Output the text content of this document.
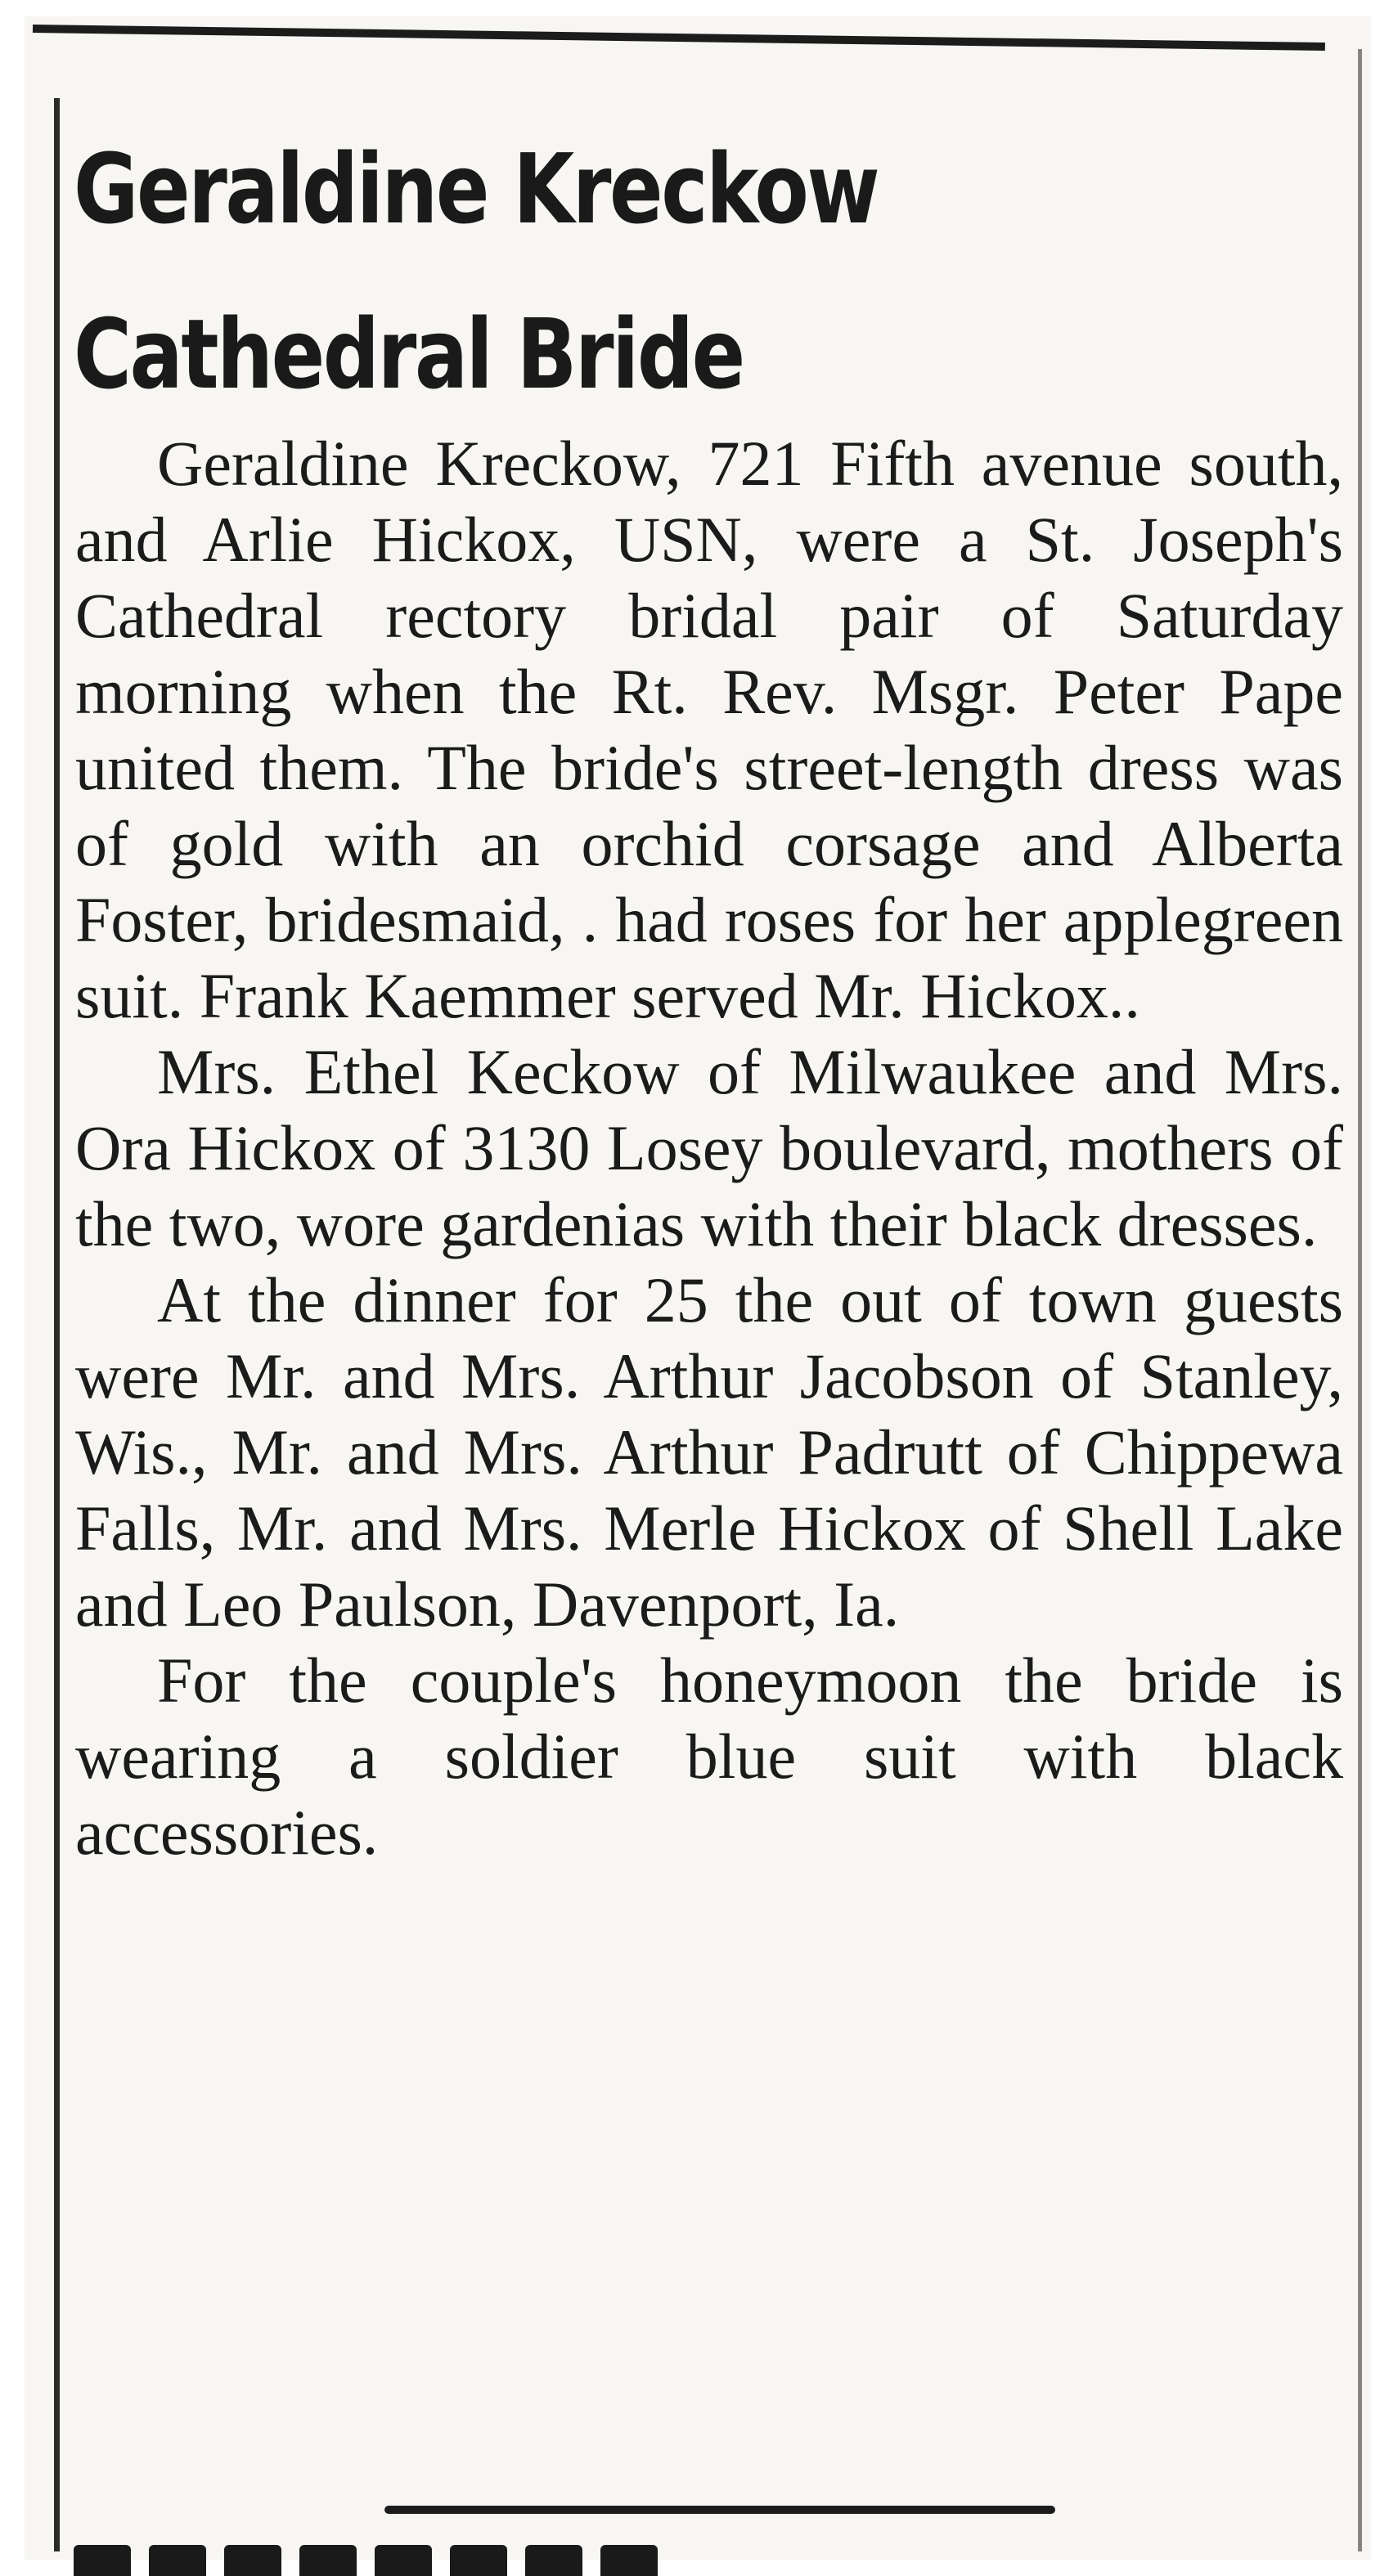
Geraldine Kreckow
Cathedral Bride

Geraldine Kreckow, 721 Fifth avenue south, and Arlie Hickox, USN, were a St. Joseph's Cathedral rectory bridal pair of Saturday morning when the Rt. Rev. Msgr. Peter Pape united them. The bride's street-length dress was of gold with an orchid corsage and Alberta Foster, bridesmaid, . had roses for her applegreen suit. Frank Kaemmer served Mr. Hickox..

Mrs. Ethel Keckow of Milwaukee and Mrs. Ora Hickox of 3130 Losey boulevard, mothers of the two, wore gardenias with their black dresses.

At the dinner for 25 the out of town guests were Mr. and Mrs. Arthur Jacobson of Stanley, Wis., Mr. and Mrs. Arthur Padrutt of Chippewa Falls, Mr. and Mrs. Merle Hickox of Shell Lake and Leo Paulson, Davenport, Ia.

For the couple's honeymoon the bride is wearing a soldier blue suit with black accessories.
